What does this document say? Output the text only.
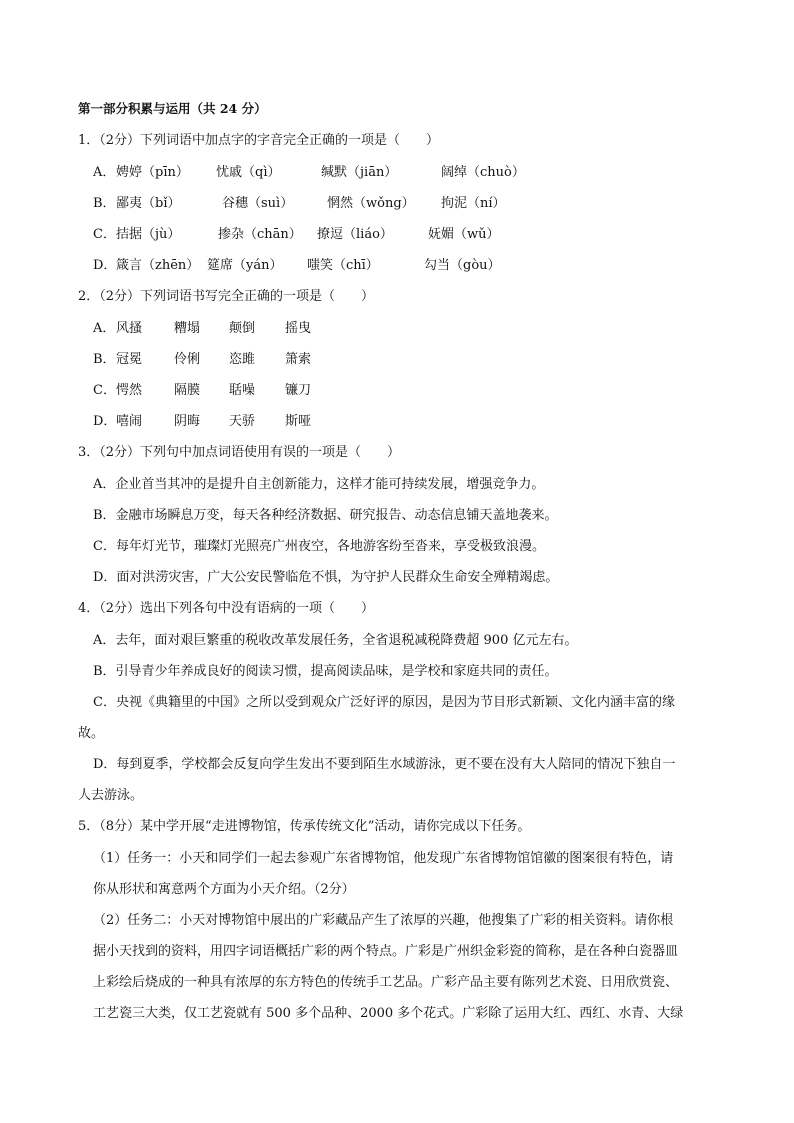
第一部分积累与运用（共 24 分）
1．（2分）下列词语中加点字的字音完全正确的一项是（　　）
A． 娉婷（pīn） 忧戚（qì）	缄默（jiān）	阔绰（chuò）
B． 鄙夷（bǐ）	谷穗（suì）	惘然（wǒng） 拘泥（ní）
C． 拮据（jù）	掺杂（chān） 撩逗（liáo）	妩媚（wǔ）
D． 箴言（zhēn） 筵席（yán） 嗤笑（chī）	勾当（gòu）
2．（2分）下列词语书写完全正确的一项是（　　）
A． 风搔 糟塌 颠倒 摇曳
B． 冠冕 伶俐 恣雎 箫索
C． 愕然 隔膜 聒噪 镰刀
D． 嘻闹 阴晦 天骄 斯哑
3．（2分）下列句中加点词语使用有误的一项是（　　）
A．企业首当其冲的是提升自主创新能力，这样才能可持续发展，增强竞争力。
B．金融市场瞬息万变，每天各种经济数据、研究报告、动态信息铺天盖地袭来。
C．每年灯光节，璀璨灯光照亮广州夜空，各地游客纷至沓来，享受极致浪漫。
D．面对洪涝灾害，广大公安民警临危不惧，为守护人民群众生命安全殚精竭虑。
4．（2分）选出下列各句中没有语病的一项（　　）
A．去年，面对艰巨繁重的税收改革发展任务，全省退税减税降费超 900 亿元左右。
B．引导青少年养成良好的阅读习惯，提高阅读品味，是学校和家庭共同的责任。
C．央视《典籍里的中国》之所以受到观众广泛好评的原因，是因为节目形式新颖、文化内涵丰富的缘
故。
D．每到夏季，学校都会反复向学生发出不要到陌生水域游泳，更不要在没有大人陪同的情况下独自一
人去游泳。
5．（8分）某中学开展“走进博物馆，传承传统文化”活动，请你完成以下任务。
（1）任务一：小天和同学们一起去参观广东省博物馆，他发现广东省博物馆馆徽的图案很有特色，请
你从形状和寓意两个方面为小天介绍。（2分）
（2）任务二：小天对博物馆中展出的广彩藏品产生了浓厚的兴趣，他搜集了广彩的相关资料。请你根
据小天找到的资料，用四字词语概括广彩的两个特点。广彩是广州织金彩瓷的简称，是在各种白瓷器皿
上彩绘后烧成的一种具有浓厚的东方特色的传统手工艺品。广彩产品主要有陈列艺术瓷、日用欣赏瓷、
工艺瓷三大类，仅工艺瓷就有 500 多个品种、2000 多个花式。广彩除了运用大红、西红、水青、大绿
